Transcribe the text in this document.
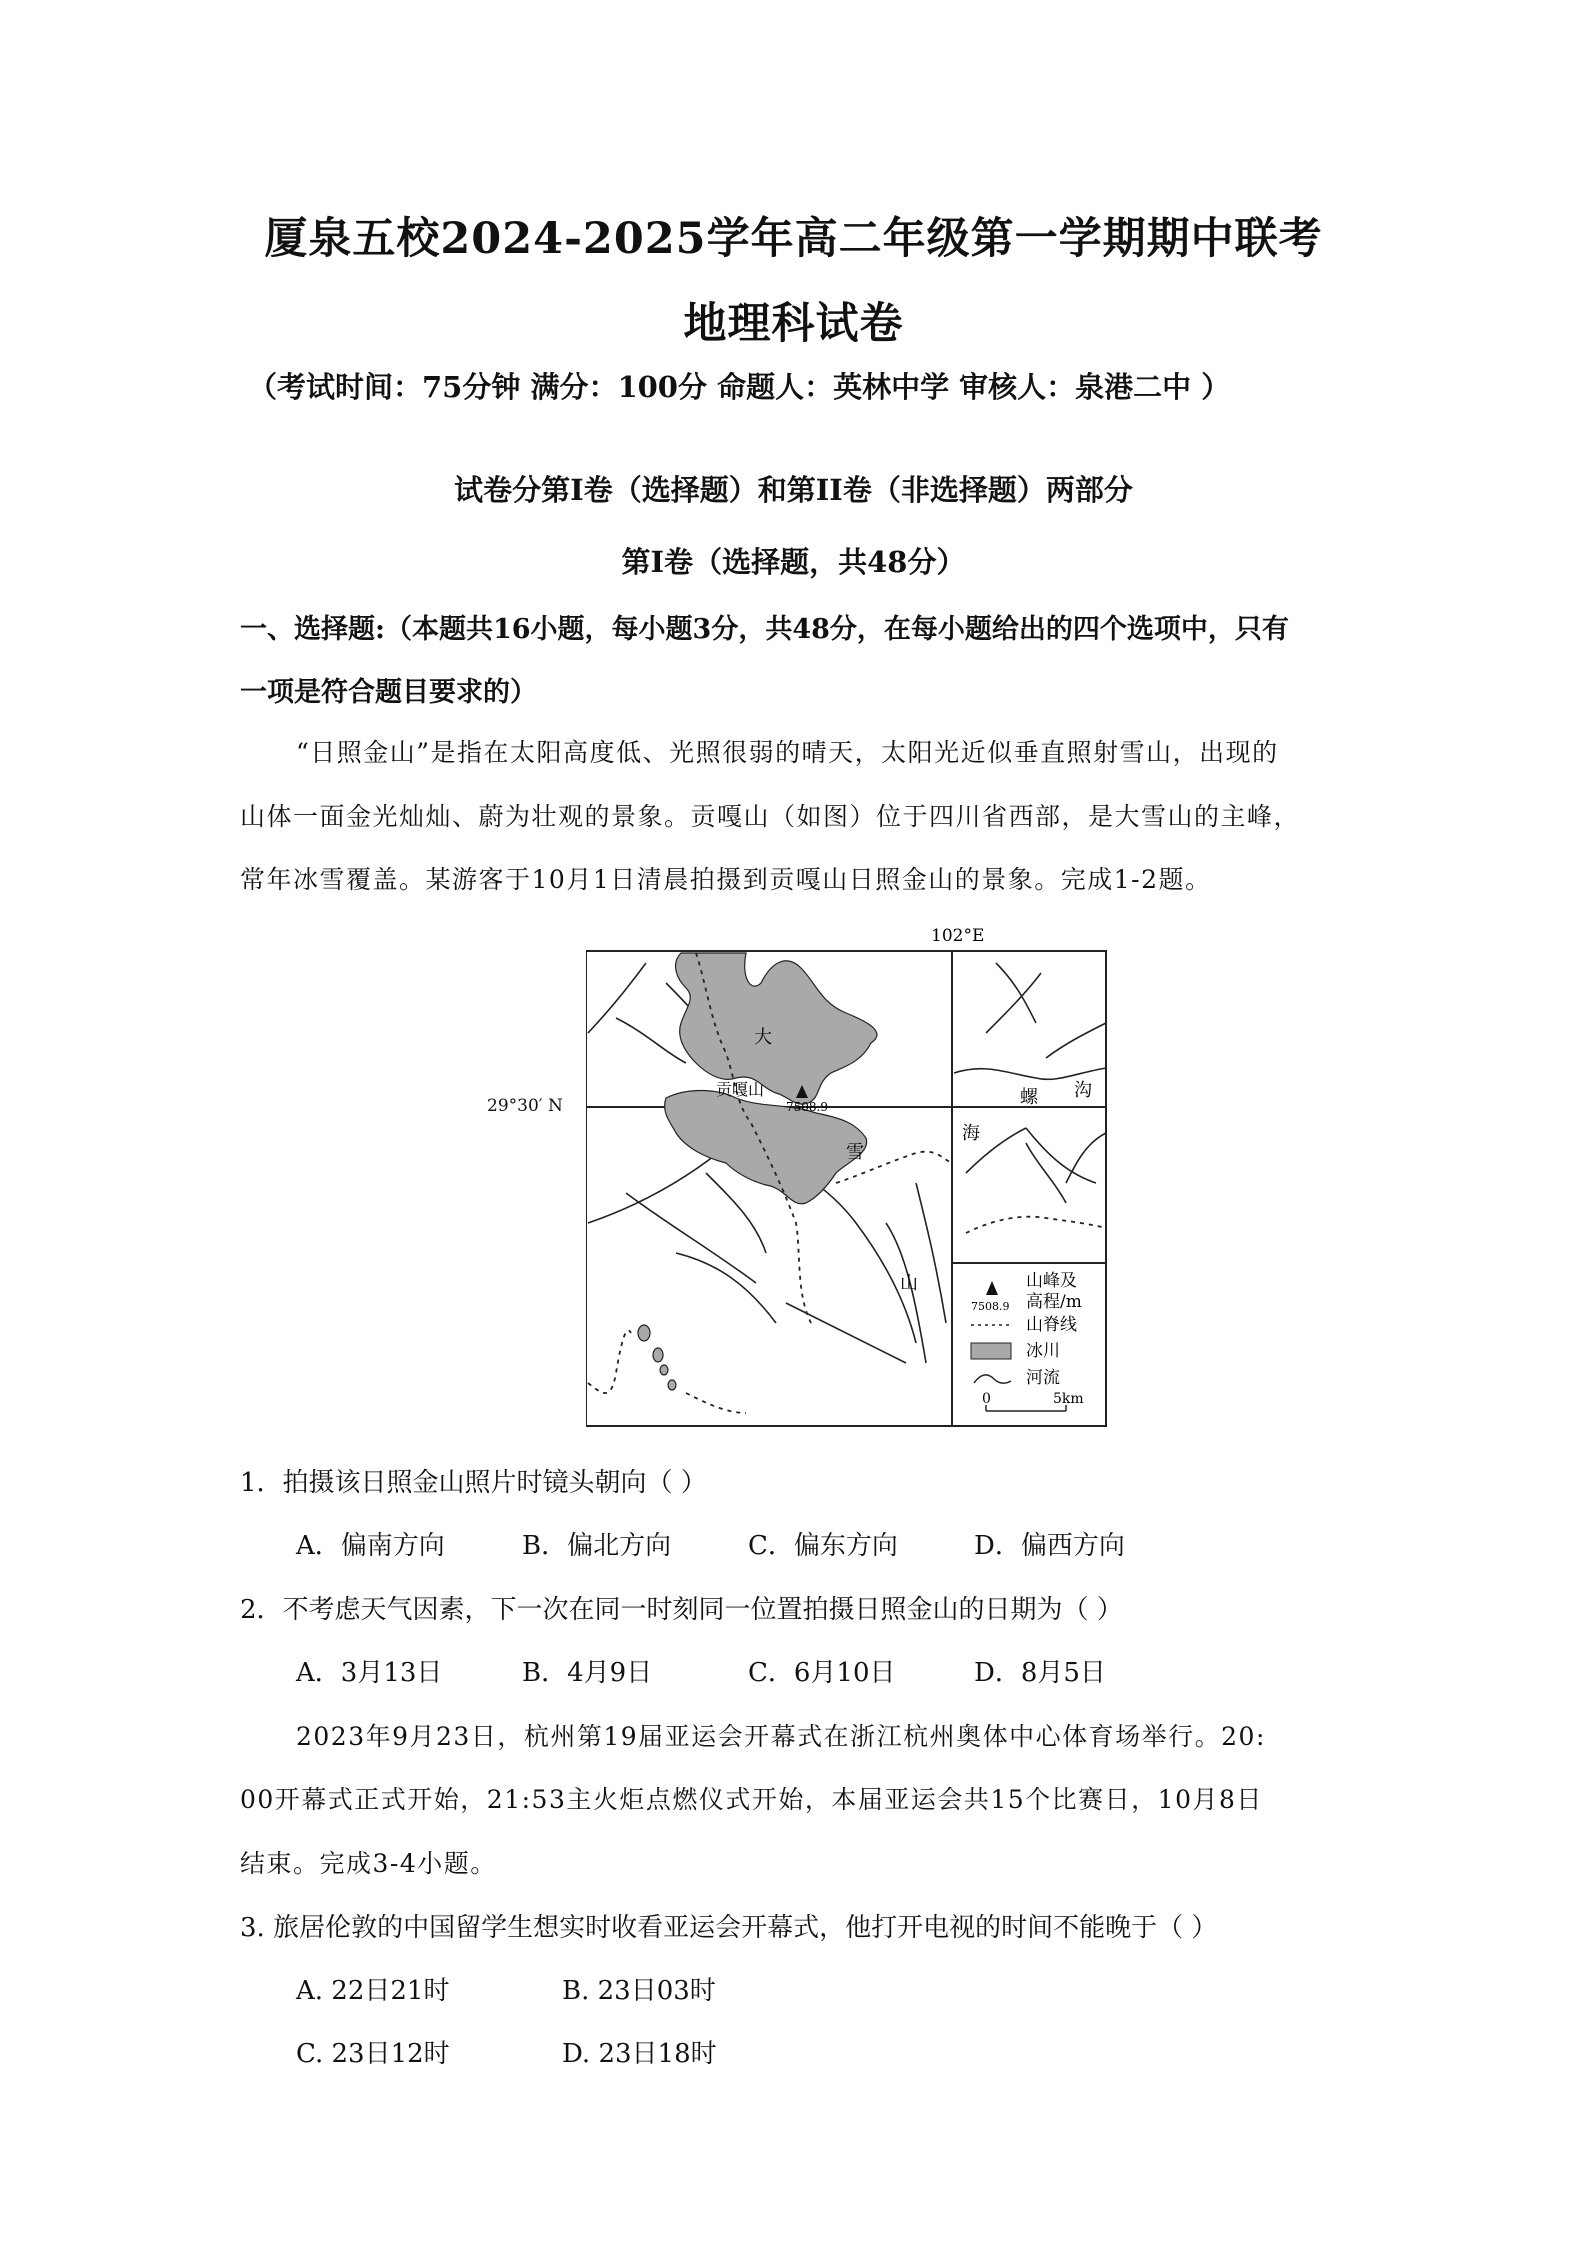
厦泉五校2024-2025学年高二年级第一学期期中联考
地理科试卷
（考试时间：75分钟 满分：100分 命题人：英林中学 审核人：泉港二中 ）
试卷分第Ⅰ卷（选择题）和第II卷（非选择题）两部分
第Ⅰ卷（选择题，共48分）
一、选择题:（本题共16小题，每小题3分，共48分，在每小题给出的四个选项中，只有
一项是符合题目要求的）
“日照金山”是指在太阳高度低、光照很弱的晴天，太阳光近似垂直照射雪山，出现的
山体一面金光灿灿、蔚为壮观的景象。贡嘎山（如图）位于四川省西部，是大雪山的主峰，
常年冰雪覆盖。某游客于10月1日清晨拍摄到贡嘎山日照金山的景象。完成1-2题。
102°E
贡嘎山
7508.9
大
雪
山
螺 沟
海
7508.9
山峰及
高程/m
山脊线
冰川
河流
0	5km
29°30′ N
1．拍摄该日照金山照片时镜头朝向（ ）
A．偏南方向	B．偏北方向	C．偏东方向	D．偏西方向
2．不考虑天气因素，下一次在同一时刻同一位置拍摄日照金山的日期为（ ）
A．3月13日	B．4月9日	C．6月10日	D．8月5日
2023年9月23日，杭州第19届亚运会开幕式在浙江杭州奥体中心体育场举行。20:
00开幕式正式开始，21:53主火炬点燃仪式开始，本届亚运会共15个比赛日，10月8日
结束。完成3-4小题。
3. 旅居伦敦的中国留学生想实时收看亚运会开幕式，他打开电视的时间不能晚于（ ）
A. 22日21时	B. 23日03时
C. 23日12时	D. 23日18时
